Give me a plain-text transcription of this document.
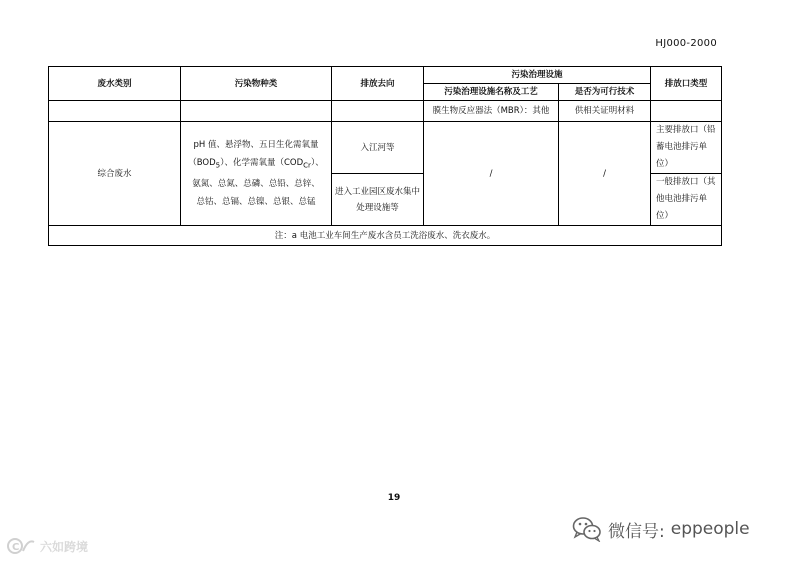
HJ000-2000
废水类别	污染物种类	排放去向	污染治理设施		排放口类型
			污染治理设施名称及工艺	是否为可行技术	
			膜生物反应器法（MBR）：其他	供相关证明材料	
综合废水	pH 值、悬浮物、五日生化需氧量
$(BOD_5)$、化学需氧量$(COD_{Cr})$、
氨氮、总氮、总磷、总铅、总锌、
总钴、总镉、总镍、总银、总锰	入江河等	/	/	主要排放口（铅蓄电池排污单位）
		进入工业园区废水集中处理设施等			一般排放口（其他电池排污单位）
注：a 电池工业车间生产废水含员工洗浴废水、洗衣废水。					
19
微信号: eppeople
C 六如跨境
